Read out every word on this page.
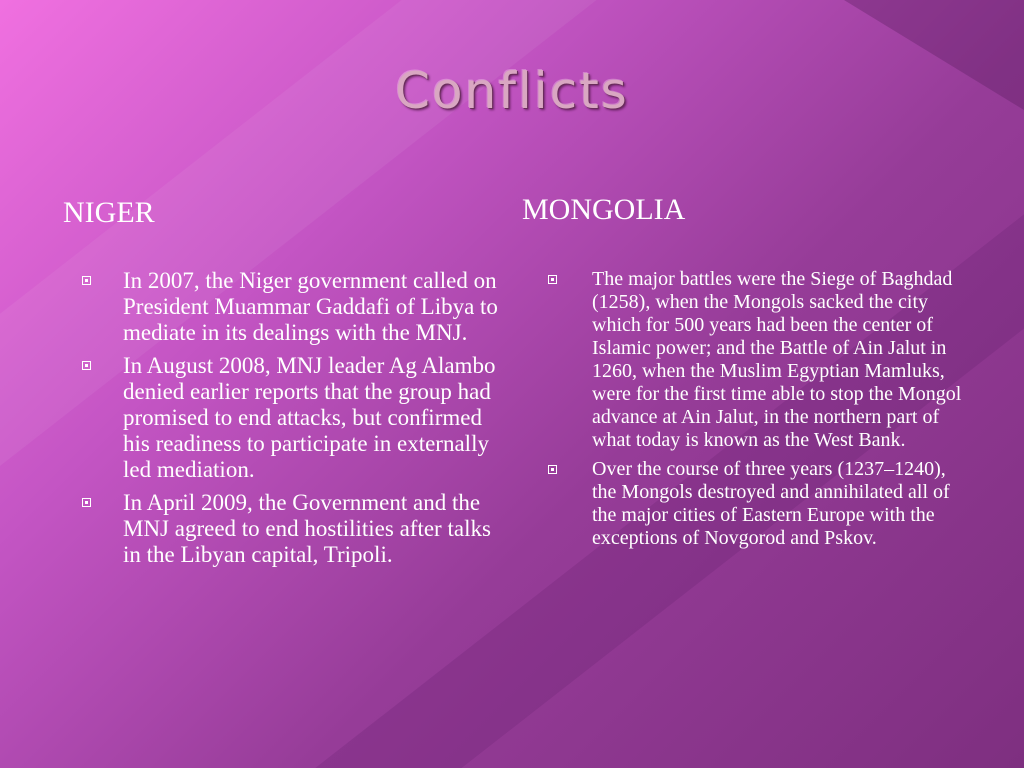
Conflicts
NIGER	MONGOLIA
In 2007, the Niger government called on President Muammar Gaddafi of Libya to mediate in its dealings with the MNJ.
In August 2008, MNJ leader Ag Alambo denied earlier reports that the group had promised to end attacks, but confirmed his readiness to participate in externally led mediation.
In April 2009, the Government and the MNJ agreed to end hostilities after talks in the Libyan capital, Tripoli.
The major battles were the Siege of Baghdad (1258), when the Mongols sacked the city which for 500 years had been the center of Islamic power; and the Battle of Ain Jalut in 1260, when the Muslim Egyptian Mamluks, were for the first time able to stop the Mongol advance at Ain Jalut, in the northern part of what today is known as the West Bank.
Over the course of three years (1237–1240), the Mongols destroyed and annihilated all of the major cities of Eastern Europe with the exceptions of Novgorod and Pskov.
